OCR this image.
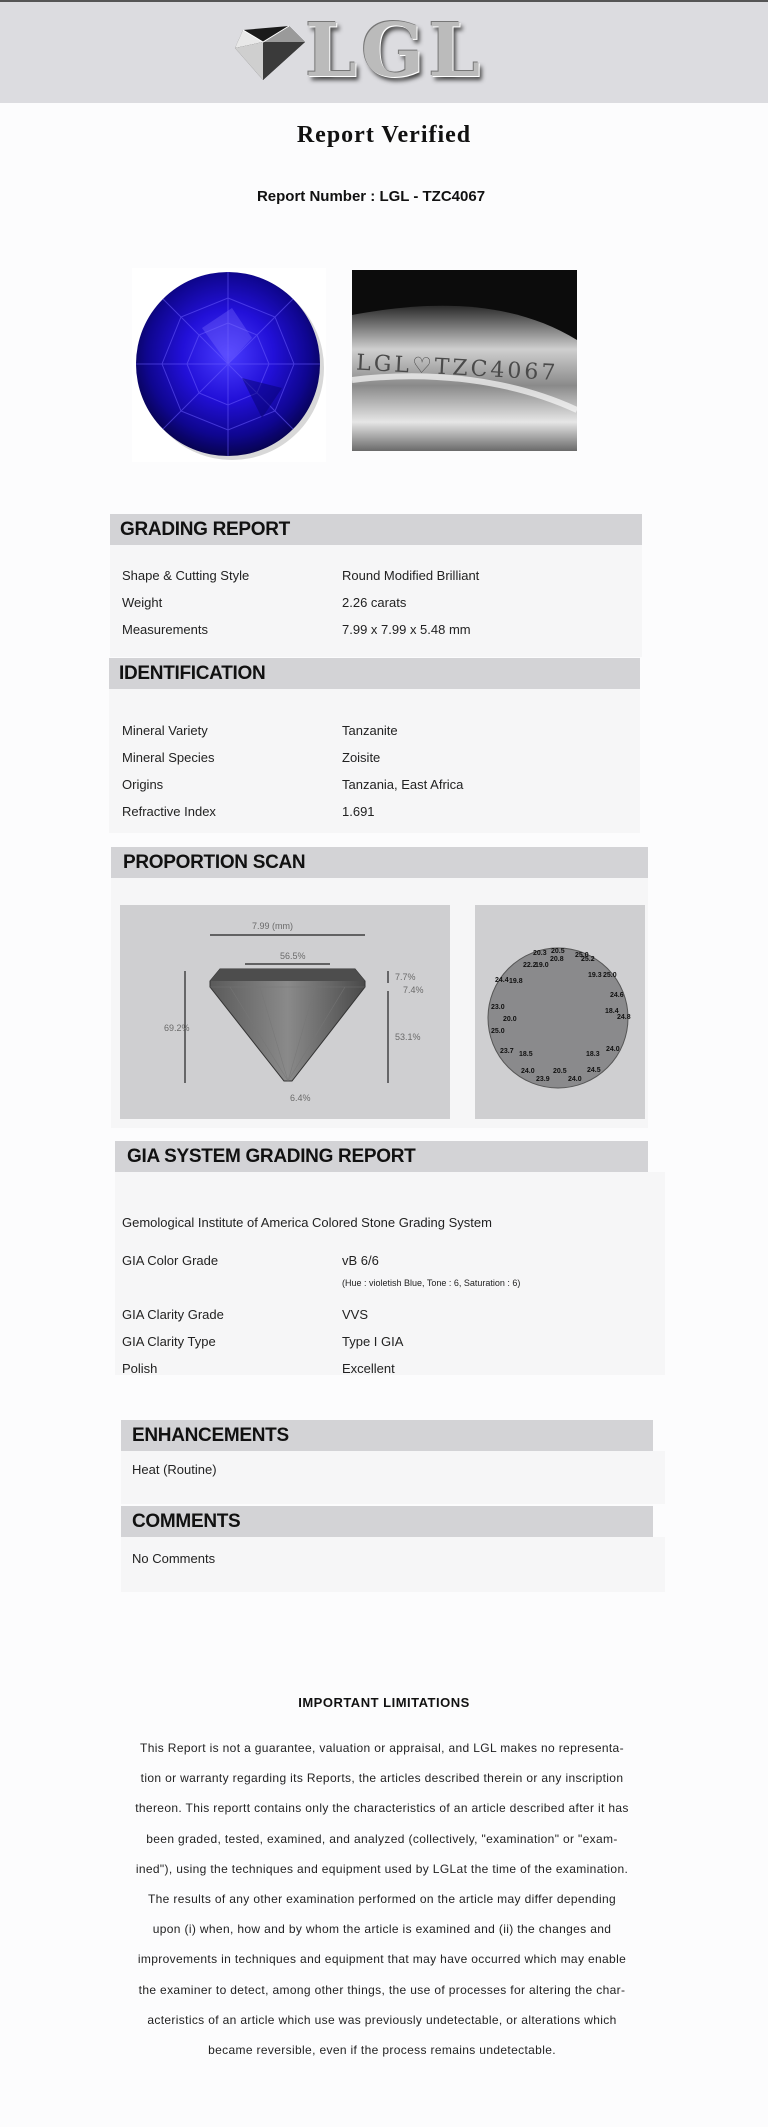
LGL
Report Verified
Report Number : LGL - TZC4067
LGL♡TZC4067
GRADING REPORT
Shape & Cutting Style	Round Modified Brilliant
Weight	2.26 carats
Measurements	7.99 x 7.99 x 5.48 mm
IDENTIFICATION
Mineral Variety	Tanzanite
Mineral Species	Zoisite
Origins	Tanzania, East Africa
Refractive Index	1.691
PROPORTION SCAN
7.99 (mm)
56.5%
69.2%
7.7%
7.4%
53.1%
6.4%
20.3 20.5
20.8 25.2
25.0
22.2
19.0
19.3 25.0
24.4 19.8
24.6
23.0
18.4
24.8
20.0
25.0
24.0
23.7 18.5	18.3
24.0	20.5	24.5
23.9	24.0
GIA SYSTEM GRADING REPORT
Gemological Institute of America Colored Stone Grading System
GIA Color Grade	vB 6/6
(Hue : violetish Blue, Tone : 6, Saturation : 6)
GIA Clarity Grade	VVS
GIA Clarity Type	Type I GIA
Polish	Excellent
ENHANCEMENTS
Heat (Routine)
COMMENTS
No Comments
IMPORTANT LIMITATIONS
This Report is not a guarantee, valuation or appraisal, and LGL makes no representa-
tion or warranty regarding its Reports, the articles described therein or any inscription
thereon. This reportt contains only the characteristics of an article described after it has
been graded, tested, examined, and analyzed (collectively, "examination" or "exam-
ined"), using the techniques and equipment used by LGLat the time of the examination.
The results of any other examination performed on the article may differ depending
upon (i) when, how and by whom the article is examined and (ii) the changes and
improvements in techniques and equipment that may have occurred which may enable
the examiner to detect, among other things, the use of processes for altering the char-
acteristics of an article which use was previously undetectable, or alterations which
became reversible, even if the process remains undetectable.
